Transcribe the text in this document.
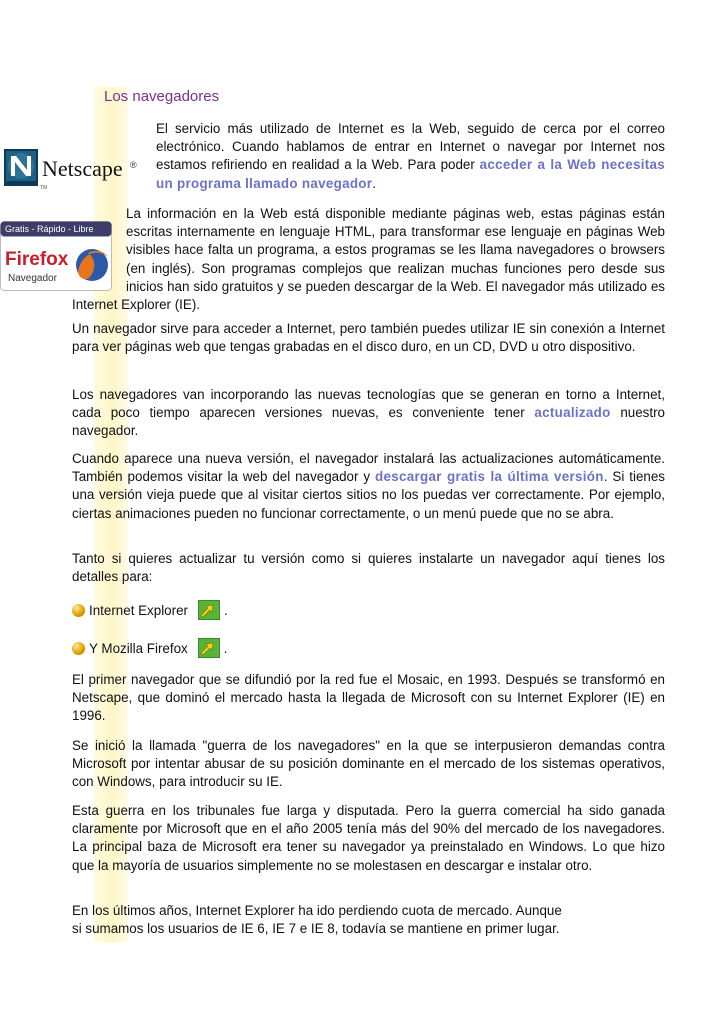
Los navegadores
TM
Netscape ®
Gratis - Rápido - Libre
Firefox
Navegador

El servicio más utilizado de Internet es la Web, seguido de cerca por el correo electrónico. Cuando hablamos de entrar en Internet o navegar por Internet nos estamos refiriendo en realidad a la Web. Para poder acceder a la Web necesitas un programa llamado navegador.

La información en la Web está disponible mediante páginas web, estas páginas están escritas internamente en lenguaje HTML, para transformar ese lenguaje en páginas Web visibles hace falta un programa, a estos programas se les llama navegadores o browsers (en inglés). Son programas complejos que realizan muchas funciones pero desde sus inicios han sido gratuitos y se pueden descargar de la Web. El navegador más utilizado es Internet Explorer (IE).

Un navegador sirve para acceder a Internet, pero también puedes utilizar IE sin conexión a Internet para ver páginas web que tengas grabadas en el disco duro, en un CD, DVD u otro dispositivo.

Los navegadores van incorporando las nuevas tecnologías que se generan en torno a Internet, cada poco tiempo aparecen versiones nuevas, es conveniente tener actualizado nuestro navegador.

Cuando aparece una nueva versión, el navegador instalará las actualizaciones automáticamente. También podemos visitar la web del navegador y descargar gratis la última versión. Si tienes una versión vieja puede que al visitar ciertos sitios no los puedas ver correctamente. Por ejemplo, ciertas animaciones pueden no funcionar correctamente, o un menú puede que no se abra.

Tanto si quieres actualizar tu versión como si quieres instalarte un navegador aquí tienes los detalles para:

Internet Explorer	.
Y Mozilla Firefox	.

El primer navegador que se difundió por la red fue el Mosaic, en 1993. Después se transformó en Netscape, que dominó el mercado hasta la llegada de Microsoft con su Internet Explorer (IE) en 1996.

Se inició la llamada "guerra de los navegadores" en la que se interpusieron demandas contra Microsoft por intentar abusar de su posición dominante en el mercado de los sistemas operativos, con Windows, para introducir su IE.

Esta guerra en los tribunales fue larga y disputada. Pero la guerra comercial ha sido ganada claramente por Microsoft que en el año 2005 tenía más del 90% del mercado de los navegadores. La principal baza de Microsoft era tener su navegador ya preinstalado en Windows. Lo que hizo que la mayoría de usuarios simplemente no se molestasen en descargar e instalar otro.

En los últimos años, Internet Explorer ha ido perdiendo cuota de mercado. Aunque
si sumamos los usuarios de IE 6, IE 7 e IE 8, todavía se mantiene en primer lugar.
